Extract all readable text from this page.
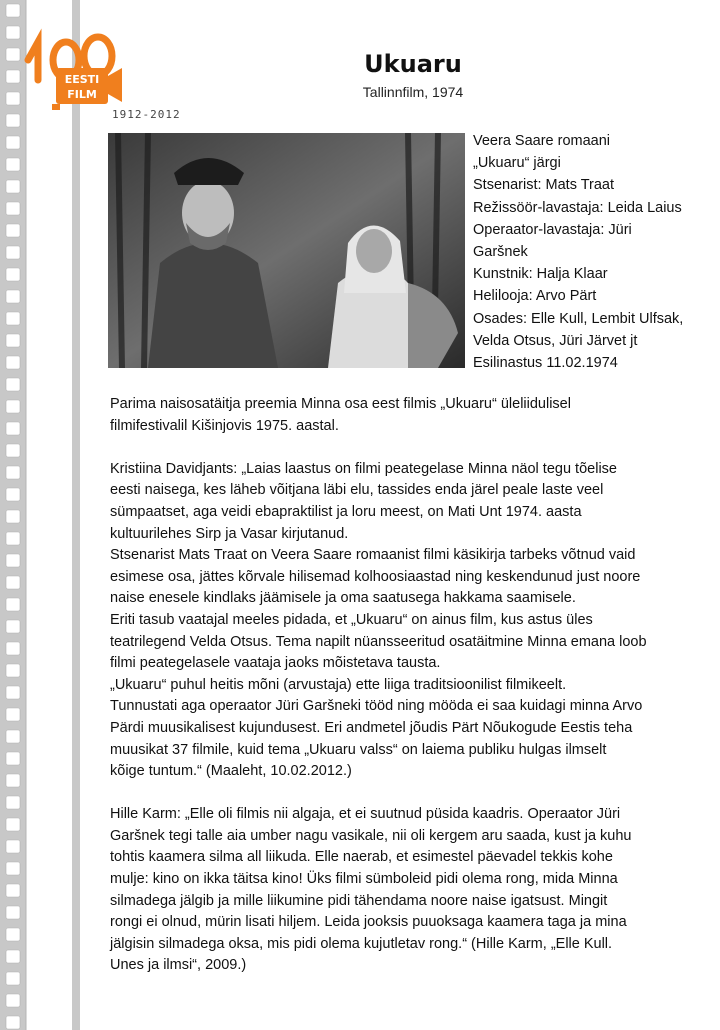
EESTI
FILM
100
1912-2012
Ukuaru
Tallinnfilm, 1974
Veera Saare romaani
„Ukuaru“ järgi
Stsenarist: Mats Traat
Režissöör-lavastaja: Leida Laius
Operaator-lavastaja: Jüri
Garšnek
Kunstnik: Halja Klaar
Helilooja: Arvo Pärt
Osades: Elle Kull, Lembit Ulfsak,
Velda Otsus, Jüri Järvet jt
Esilinastus 11.02.1974

Parima naisosatäitja preemia Minna osa eest filmis „Ukuaru“ üleliidulisel

filmifestivalil Kišinjovis 1975. aastal.

Kristiina Davidjants: „Laias laastus on filmi peategelase Minna näol tegu tõelise

eesti naisega, kes läheb võitjana läbi elu, tassides enda järel peale laste veel

sümpaatset, aga veidi ebapraktilist ja loru meest, on Mati Unt 1974. aasta

kultuurilehes Sirp ja Vasar kirjutanud.

Stsenarist Mats Traat on Veera Saare romaanist filmi käsikirja tarbeks võtnud vaid

esimese osa, jättes kõrvale hilisemad kolhoosiaastad ning keskendunud just noore

naise enesele kindlaks jäämisele ja oma saatusega hakkama saamisele.

Eriti tasub vaatajal meeles pidada, et „Ukuaru“ on ainus film, kus astus üles

teatrilegend Velda Otsus. Tema napilt nüansseeritud osatäitmine Minna emana loob

filmi peategelasele vaataja jaoks mõistetava tausta.

„Ukuaru“ puhul heitis mõni (arvustaja) ette liiga traditsioonilist filmikeelt.

Tunnustati aga operaator Jüri Garšneki tööd ning mööda ei saa kuidagi minna Arvo

Pärdi muusikalisest kujundusest. Eri andmetel jõudis Pärt Nõukogude Eestis teha

muusikat 37 filmile, kuid tema „Ukuaru valss“ on laiema publiku hulgas ilmselt

kõige tuntum.“ (Maaleht, 10.02.2012.)

Hille Karm: „Elle oli filmis nii algaja, et ei suutnud püsida kaadris. Operaator Jüri

Garšnek tegi talle aia umber nagu vasikale, nii oli kergem aru saada, kust ja kuhu

tohtis kaamera silma all liikuda. Elle naerab, et esimestel päevadel tekkis kohe

mulje: kino on ikka täitsa kino! Üks filmi sümboleid pidi olema rong, mida Minna

silmadega jälgib ja mille liikumine pidi tähendama noore naise igatsust. Mingit

rongi ei olnud, mürin lisati hiljem. Leida jooksis puuoksaga kaamera taga ja mina

jälgisin silmadega oksa, mis pidi olema kujutletav rong.“ (Hille Karm, „Elle Kull.

Unes ja ilmsi“, 2009.)
